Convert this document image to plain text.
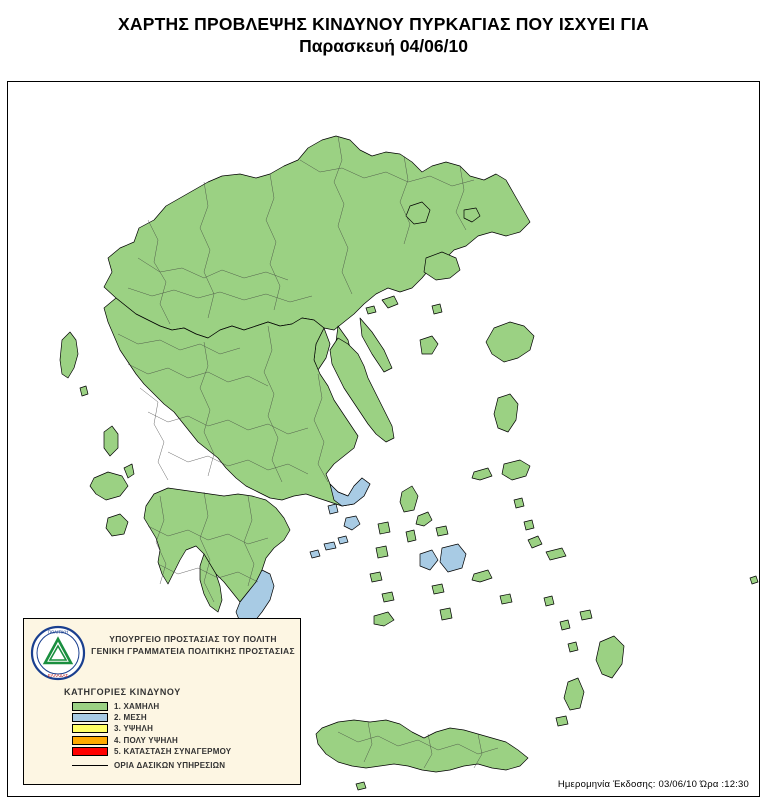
ΧΑΡΤΗΣ ΠΡΟΒΛΕΨΗΣ ΚΙΝΔΥΝΟΥ ΠΥΡΚΑΓΙΑΣ ΠΟΥ ΙΣΧΥΕΙ ΓΙΑ
Παρασκευή 04/06/10
ΠΟΛΙΤΙΚΗ
ΕΛΛΑΔΑΣ
ΥΠΟΥΡΓΕΙΟ ΠΡΟΣΤΑΣΙΑΣ ΤΟΥ ΠΟΛΙΤΗ
ΓΕΝΙΚΗ ΓΡΑΜΜΑΤΕΙΑ ΠΟΛΙΤΙΚΗΣ ΠΡΟΣΤΑΣΙΑΣ
ΚΑΤΗΓΟΡΙΕΣ ΚΙΝΔΥΝΟΥ
1. ΧΑΜΗΛΗ
2. ΜΕΣΗ
3. ΥΨΗΛΗ
4. ΠΟΛΥ ΥΨΗΛΗ
5. ΚΑΤΑΣΤΑΣΗ ΣΥΝΑΓΕΡΜΟΥ
ΟΡΙΑ ΔΑΣΙΚΩΝ ΥΠΗΡΕΣΙΩΝ
Ημερομηνία Έκδοσης: 03/06/10 Ώρα :12:30
